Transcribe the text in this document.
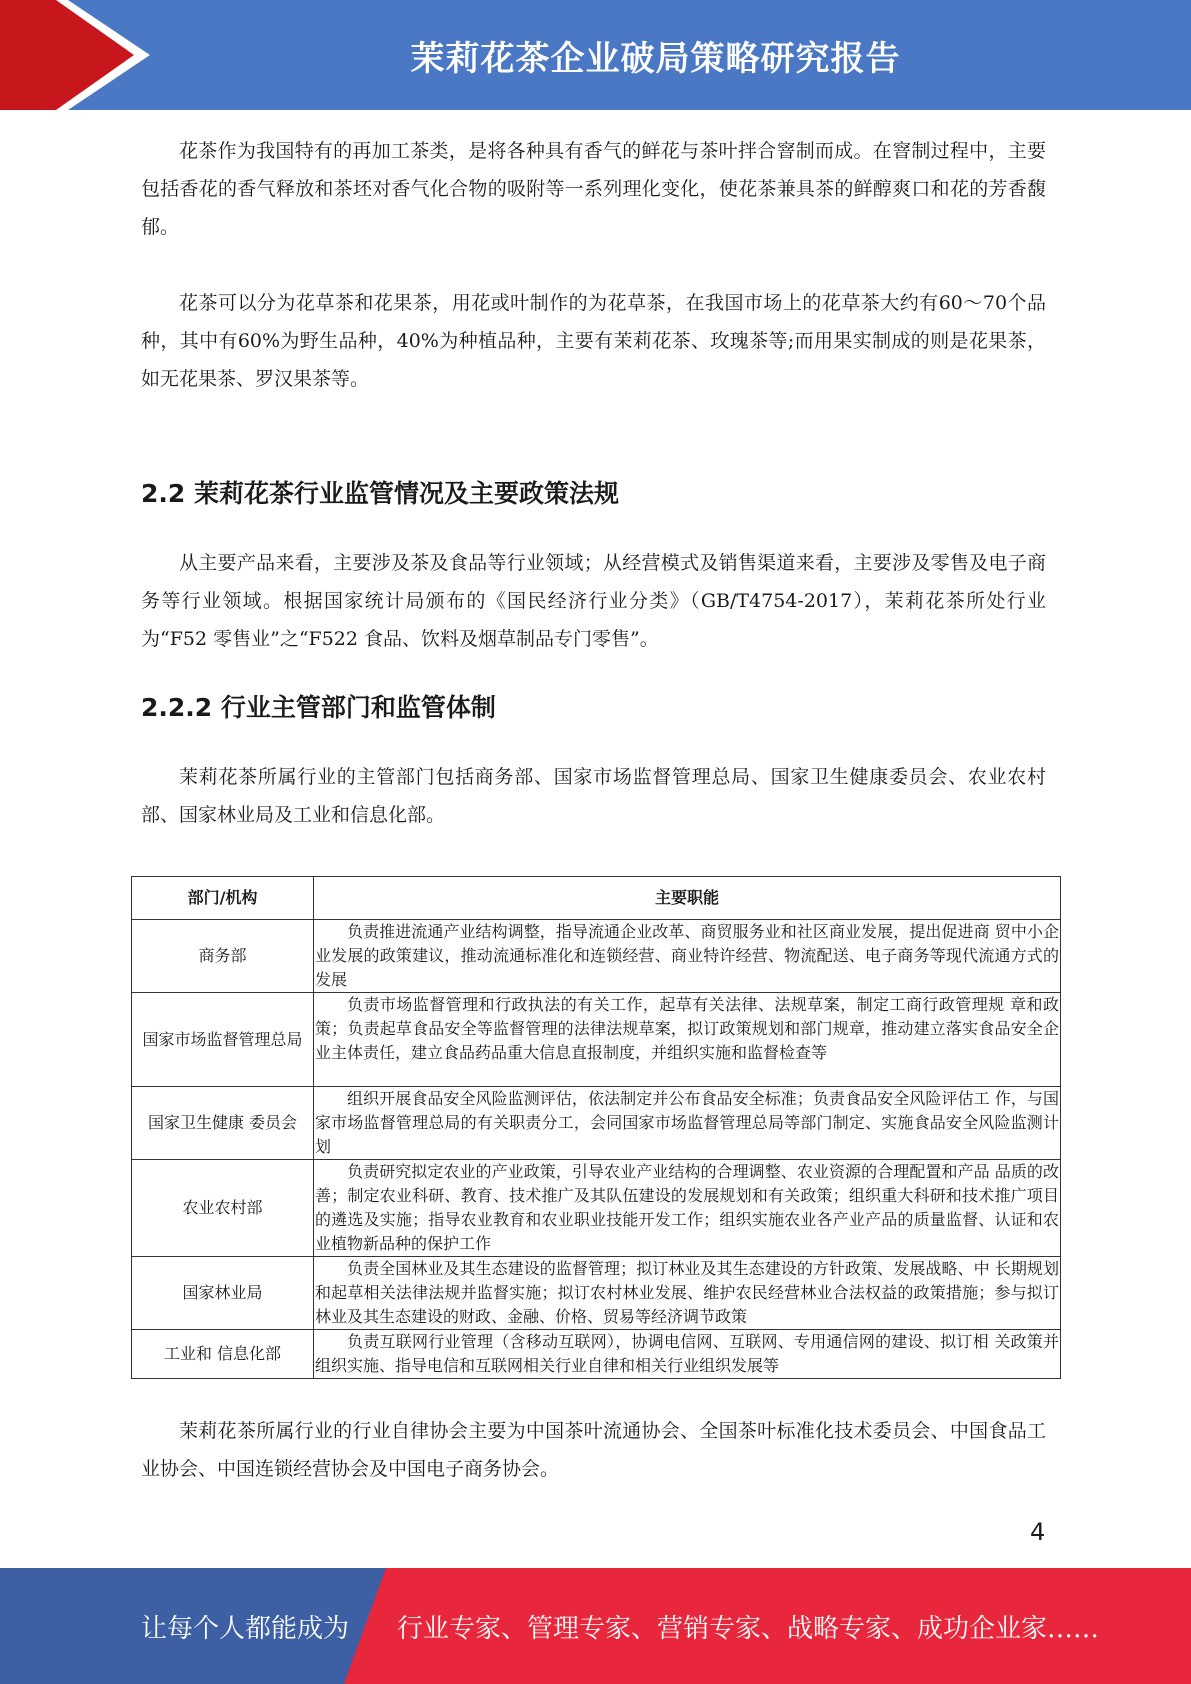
茉莉花茶企业破局策略研究报告

花茶作为我国特有的再加工茶类，是将各种具有香气的鲜花与茶叶拌合窨制而成。在窨制过程中，主要包括香花的香气释放和茶坯对香气化合物的吸附等一系列理化变化，使花茶兼具茶的鲜醇爽口和花的芳香馥郁。

花茶可以分为花草茶和花果茶，用花或叶制作的为花草茶，在我国市场上的花草茶大约有60～70个品种，其中有60%为野生品种，40%为种植品种，主要有茉莉花茶、玫瑰茶等;而用果实制成的则是花果茶，如无花果茶、罗汉果茶等。

2.2 茉莉花茶行业监管情况及主要政策法规

从主要产品来看，主要涉及茶及食品等行业领域；从经营模式及销售渠道来看，主要涉及零售及电子商务等行业领域。根据国家统计局颁布的《国民经济行业分类》（GB/T4754-2017），茉莉花茶所处行业为“F52 零售业”之“F522 食品、饮料及烟草制品专门零售”。

2.2.2 行业主管部门和监管体制

茉莉花茶所属行业的主管部门包括商务部、国家市场监督管理总局、国家卫生健康委员会、农业农村部、国家林业局及工业和信息化部。

部门/机构	主要职能
商务部	负责推进流通产业结构调整，指导流通企业改革、商贸服务业和社区商业发展，提出促进商 贸中小企业发展的政策建议，推动流通标准化和连锁经营、商业特许经营、物流配送、电子商务等现代流通方式的发展
国家市场监督管理总局	负责市场监督管理和行政执法的有关工作，起草有关法律、法规草案，制定工商行政管理规 章和政策；负责起草食品安全等监督管理的法律法规草案，拟订政策规划和部门规章，推动建立落实食品安全企业主体责任，建立食品药品重大信息直报制度，并组织实施和监督检查等
国家卫生健康 委员会	组织开展食品安全风险监测评估，依法制定并公布食品安全标准；负责食品安全风险评估工 作，与国家市场监督管理总局的有关职责分工，会同国家市场监督管理总局等部门制定、实施食品安全风险监测计划
农业农村部	负责研究拟定农业的产业政策，引导农业产业结构的合理调整、农业资源的合理配置和产品 品质的改善；制定农业科研、教育、技术推广及其队伍建设的发展规划和有关政策；组织重大科研和技术推广项目的遴选及实施；指导农业教育和农业职业技能开发工作；组织实施农业各产业产品的质量监督、认证和农业植物新品种的保护工作
国家林业局	负责全国林业及其生态建设的监督管理；拟订林业及其生态建设的方针政策、发展战略、中 长期规划和起草相关法律法规并监督实施；拟订农村林业发展、维护农民经营林业合法权益的政策措施；参与拟订林业及其生态建设的财政、金融、价格、贸易等经济调节政策
工业和 信息化部	负责互联网行业管理（含移动互联网），协调电信网、互联网、专用通信网的建设、拟订相 关政策并组织实施、指导电信和互联网相关行业自律和相关行业组织发展等

茉莉花茶所属行业的行业自律协会主要为中国茶叶流通协会、全国茶叶标准化技术委员会、中国食品工业协会、中国连锁经营协会及中国电子商务协会。

4
让每个人都能成为 行业专家、管理专家、营销专家、战略专家、成功企业家……
